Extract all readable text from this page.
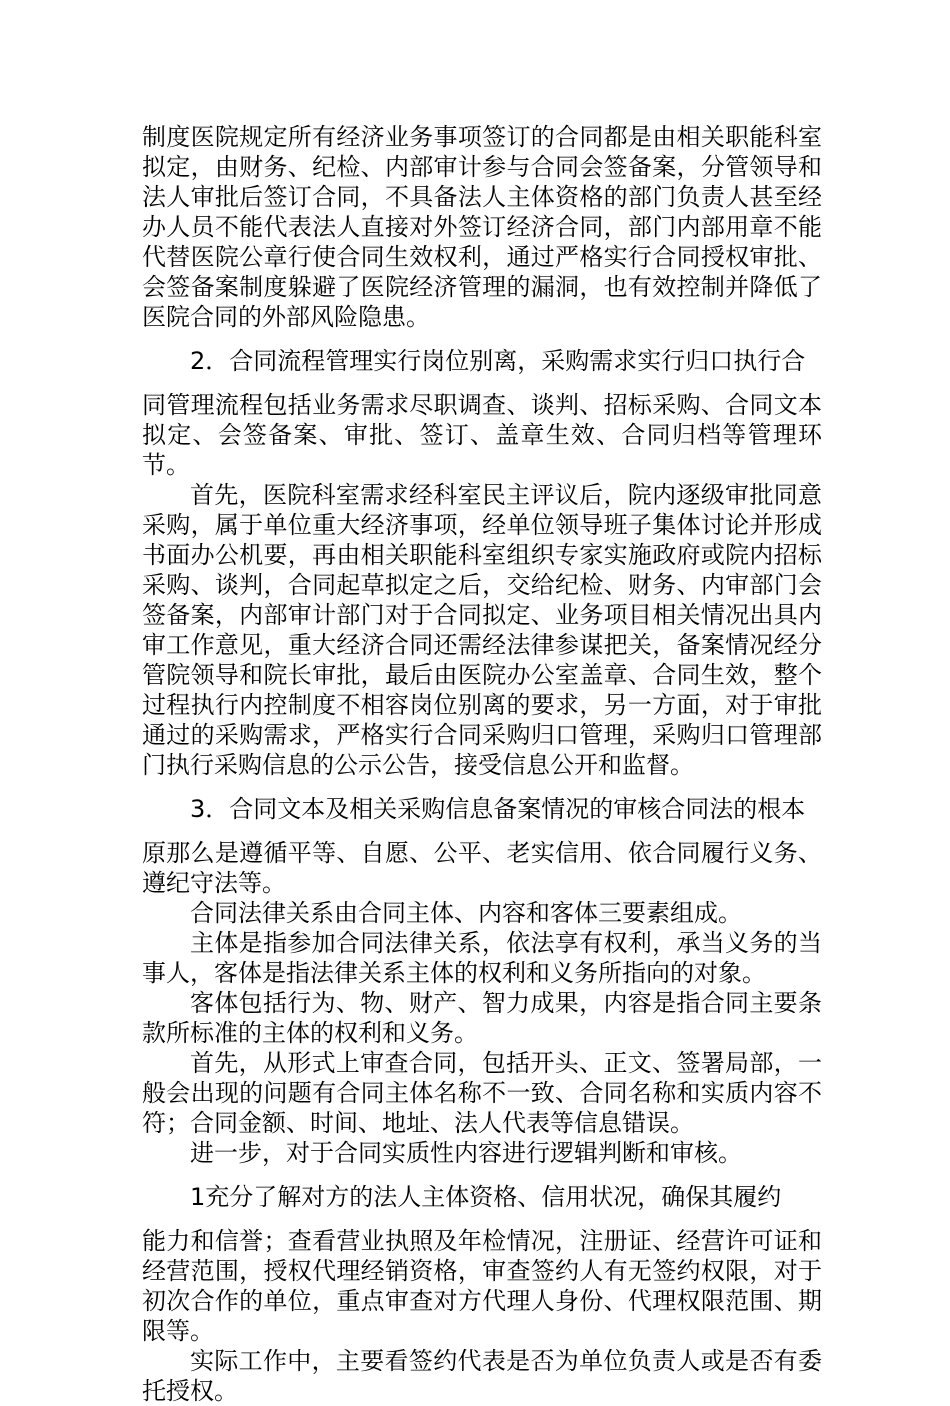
制度医院规定所有经济业务事项签订的合同都是由相关职能科室拟定，由财务、纪检、内部审计参与合同会签备案，分管领导和法人审批后签订合同，不具备法人主体资格的部门负责人甚至经办人员不能代表法人直接对外签订经济合同，部门内部用章不能代替医院公章行使合同生效权利，通过严格实行合同授权审批、会签备案制度躲避了医院经济管理的漏洞，也有效控制并降低了医院合同的外部风险隐患。

2．合同流程管理实行岗位别离，采购需求实行归口执行合

同管理流程包括业务需求尽职调查、谈判、招标采购、合同文本拟定、会签备案、审批、签订、盖章生效、合同归档等管理环节。

首先，医院科室需求经科室民主评议后，院内逐级审批同意采购，属于单位重大经济事项，经单位领导班子集体讨论并形成书面办公机要，再由相关职能科室组织专家实施政府或院内招标采购、谈判，合同起草拟定之后，交给纪检、财务、内审部门会签备案，内部审计部门对于合同拟定、业务项目相关情况出具内审工作意见，重大经济合同还需经法律参谋把关，备案情况经分管院领导和院长审批，最后由医院办公室盖章、合同生效，整个过程执行内控制度不相容岗位别离的要求，另一方面，对于审批通过的采购需求，严格实行合同采购归口管理，采购归口管理部门执行采购信息的公示公告，接受信息公开和监督。

3．合同文本及相关采购信息备案情况的审核合同法的根本

原那么是遵循平等、自愿、公平、老实信用、依合同履行义务、遵纪守法等。

合同法律关系由合同主体、内容和客体三要素组成。

主体是指参加合同法律关系，依法享有权利，承当义务的当事人，客体是指法律关系主体的权利和义务所指向的对象。

客体包括行为、物、财产、智力成果，内容是指合同主要条款所标准的主体的权利和义务。

首先，从形式上审查合同，包括开头、正文、签署局部，一般会出现的问题有合同主体名称不一致、合同名称和实质内容不符；合同金额、时间、地址、法人代表等信息错误。

进一步，对于合同实质性内容进行逻辑判断和审核。

1充分了解对方的法人主体资格、信用状况，确保其履约

能力和信誉；查看营业执照及年检情况，注册证、经营许可证和经营范围，授权代理经销资格，审查签约人有无签约权限，对于初次合作的单位，重点审查对方代理人身份、代理权限范围、期限等。

实际工作中，主要看签约代表是否为单位负责人或是否有委托授权。
